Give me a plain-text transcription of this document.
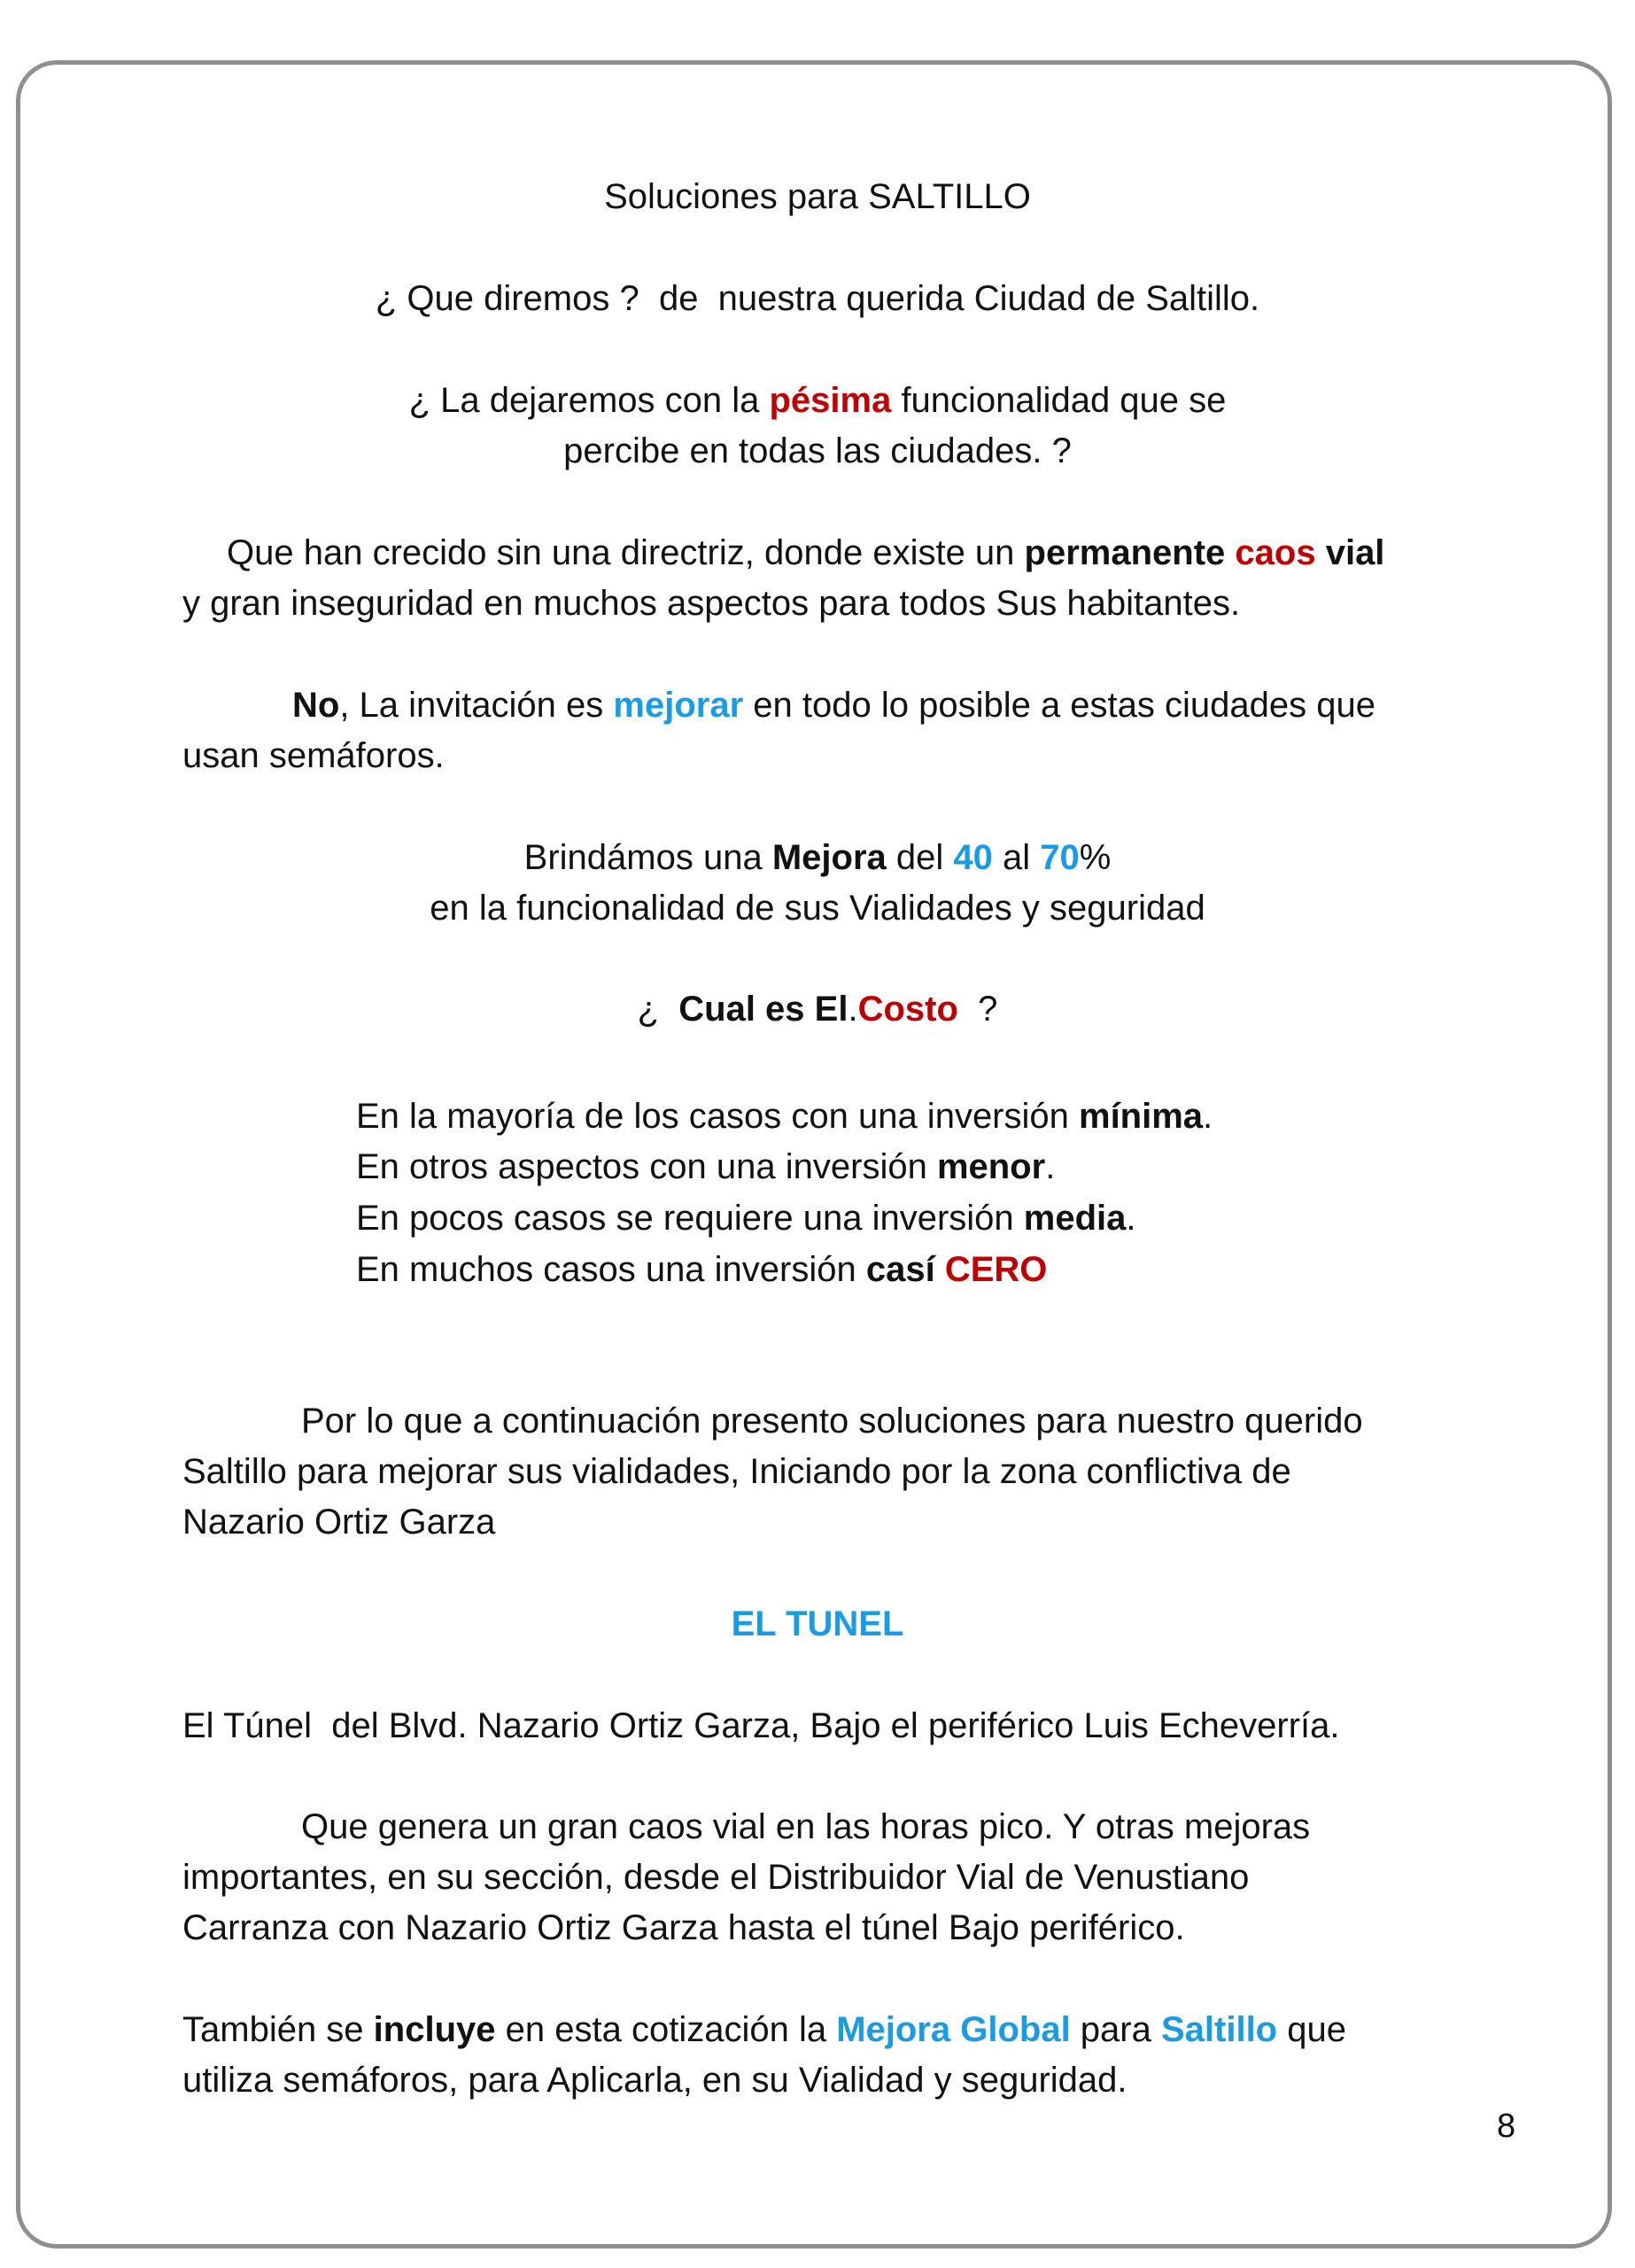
Soluciones para SALTILLO
¿ Que diremos ?  de  nuestra querida Ciudad de Saltillo.
¿ La dejaremos con la pésima funcionalidad que se
percibe en todas las ciudades. ?
Que han crecido sin una directriz, donde existe un permanente caos vial
y gran inseguridad en muchos aspectos para todos Sus habitantes.
No, La invitación es mejorar en todo lo posible a estas ciudades que
usan semáforos.
Brindámos una Mejora del 40 al 70%
en la funcionalidad de sus Vialidades y seguridad
¿  Cual es El.Costo  ?
En la mayoría de los casos con una inversión mínima.
En otros aspectos con una inversión menor.
En pocos casos se requiere una inversión media.
En muchos casos una inversión casí CERO
Por lo que a continuación presento soluciones para nuestro querido
Saltillo para mejorar sus vialidades, Iniciando por la zona conflictiva de
Nazario Ortiz Garza
EL TUNEL
El Túnel  del Blvd. Nazario Ortiz Garza, Bajo el periférico Luis Echeverría.
Que genera un gran caos vial en las horas pico. Y otras mejoras
importantes, en su sección, desde el Distribuidor Vial de Venustiano
Carranza con Nazario Ortiz Garza hasta el túnel Bajo periférico.
También se incluye en esta cotización la Mejora Global para Saltillo que
utiliza semáforos, para Aplicarla, en su Vialidad y seguridad.
8
